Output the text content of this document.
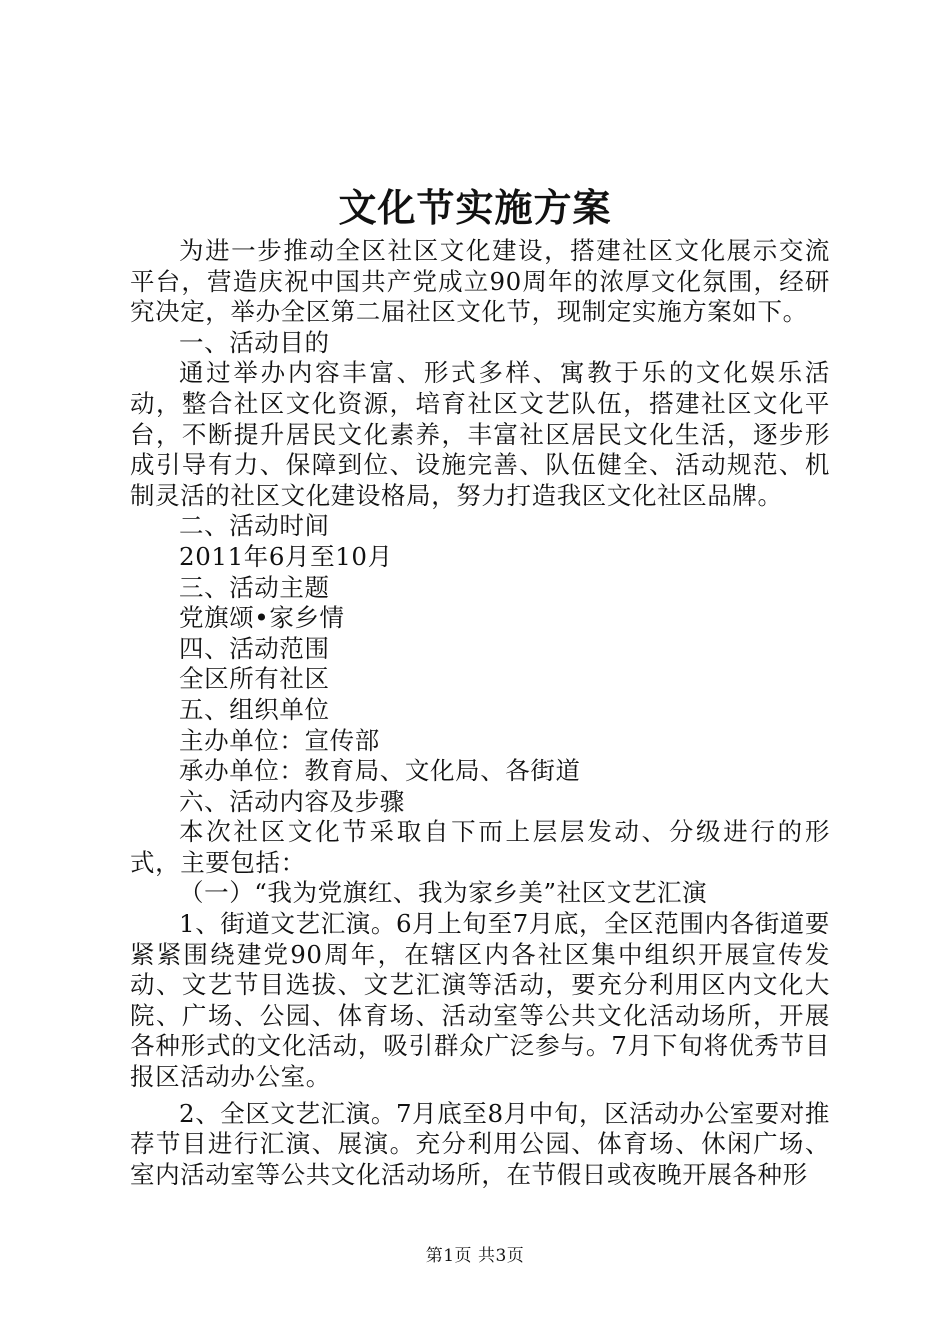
文化节实施方案

为进一步推动全区社区文化建设，搭建社区文化展示交流平台，营造庆祝中国共产党成立90周年的浓厚文化氛围，经研究决定，举办全区第二届社区文化节，现制定实施方案如下。

一、活动目的

通过举办内容丰富、形式多样、寓教于乐的文化娱乐活动，整合社区文化资源，培育社区文艺队伍，搭建社区文化平台，不断提升居民文化素养，丰富社区居民文化生活，逐步形成引导有力、保障到位、设施完善、队伍健全、活动规范、机制灵活的社区文化建设格局，努力打造我区文化社区品牌。

二、活动时间

2011年6月至10月

三、活动主题

党旗颂•家乡情

四、活动范围

全区所有社区

五、组织单位

主办单位：宣传部

承办单位：教育局、文化局、各街道

六、活动内容及步骤

本次社区文化节采取自下而上层层发动、分级进行的形式，主要包括：

（一）“我为党旗红、我为家乡美”社区文艺汇演

1、街道文艺汇演。6月上旬至7月底，全区范围内各街道要紧紧围绕建党90周年，在辖区内各社区集中组织开展宣传发动、文艺节目选拔、文艺汇演等活动，要充分利用区内文化大院、广场、公园、体育场、活动室等公共文化活动场所，开展各种形式的文化活动，吸引群众广泛参与。7月下旬将优秀节目报区活动办公室。

2、全区文艺汇演。7月底至8月中旬，区活动办公室要对推荐节目进行汇演、展演。充分利用公园、体育场、休闲广场、室内活动室等公共文化活动场所，在节假日或夜晚开展各种形

第1页 共3页
